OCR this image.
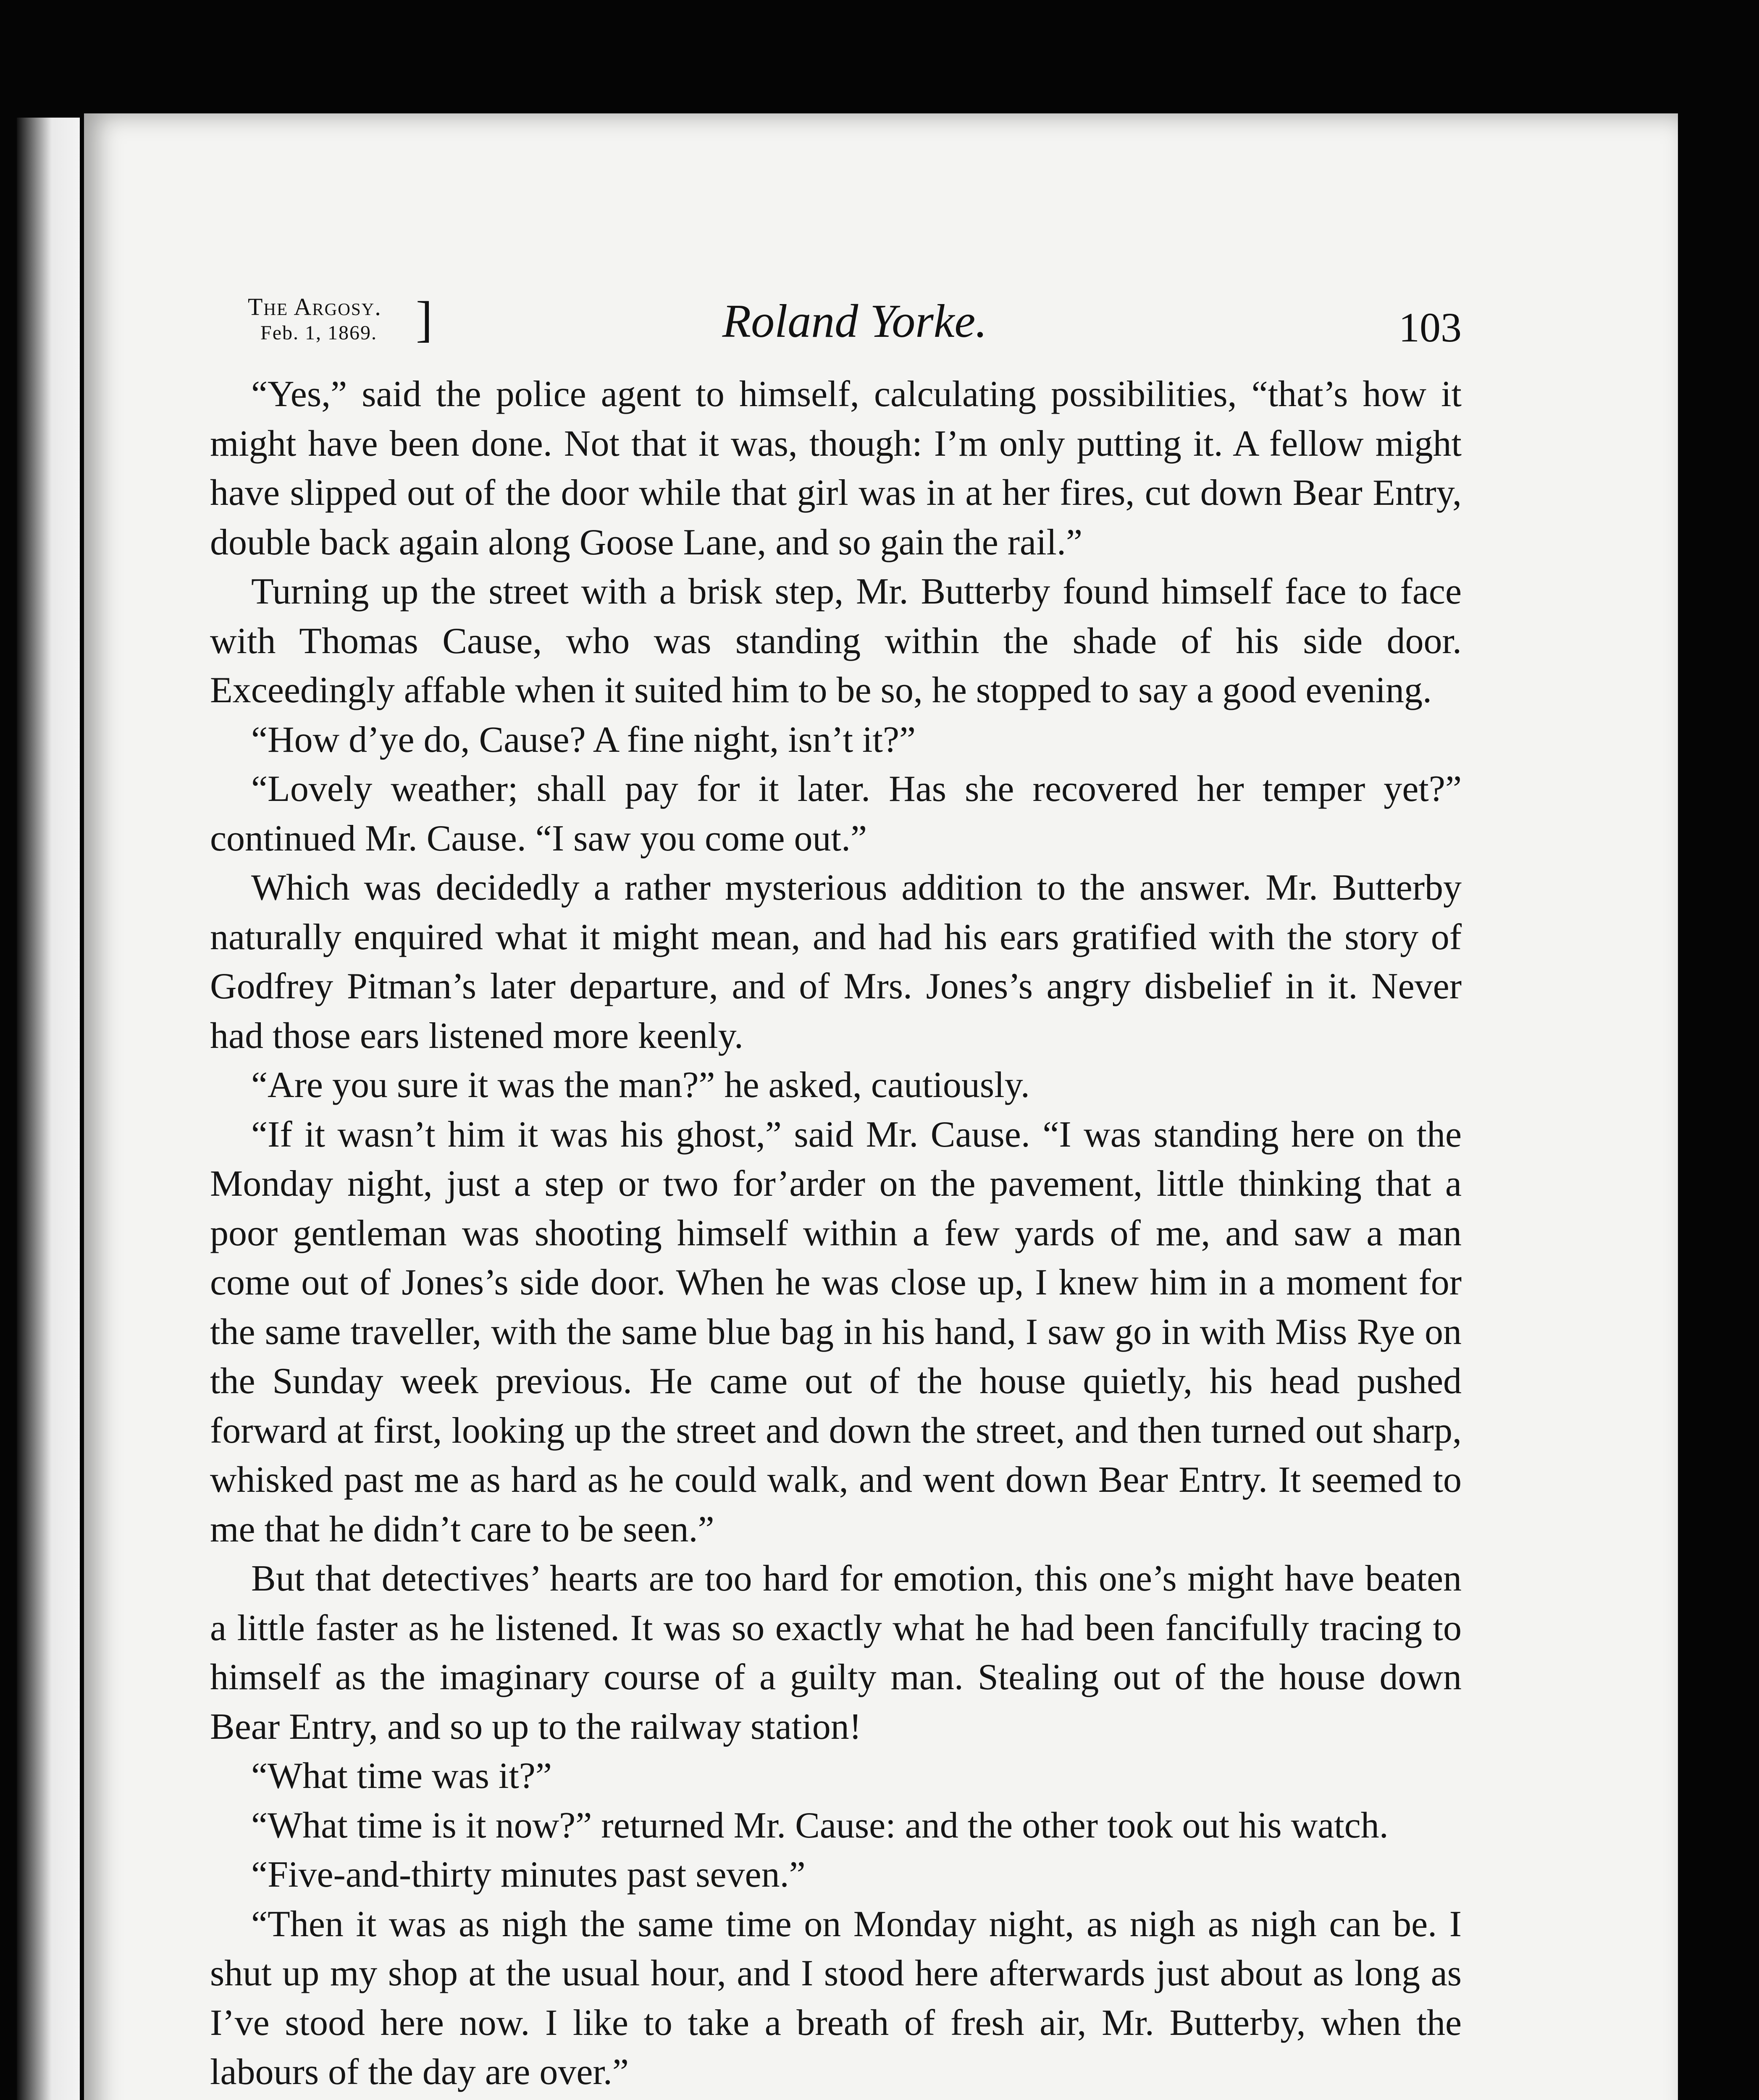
The Argosy.
Feb. 1, 1869. ]	Roland Yorke.	103

“Yes,” said the police agent to himself, calculating possibilities, “that’s how it might have been done. Not that it was, though: I’m only putting it. A fellow might have slipped out of the door while that girl was in at her fires, cut down Bear Entry, double back again along Goose Lane, and so gain the rail.”

Turning up the street with a brisk step, Mr. Butterby found himself face to face with Thomas Cause, who was standing within the shade of his side door. Exceedingly affable when it suited him to be so, he stopped to say a good evening.

“How d’ye do, Cause? A fine night, isn’t it?”

“Lovely weather; shall pay for it later. Has she recovered her temper yet?” continued Mr. Cause. “I saw you come out.”

Which was decidedly a rather mysterious addition to the answer. Mr. Butterby naturally enquired what it might mean, and had his ears gratified with the story of Godfrey Pitman’s later departure, and of Mrs. Jones’s angry disbelief in it. Never had those ears listened more keenly.

“Are you sure it was the man?” he asked, cautiously.

“If it wasn’t him it was his ghost,” said Mr. Cause. “I was standing here on the Monday night, just a step or two for’arder on the pavement, little thinking that a poor gentleman was shooting himself within a few yards of me, and saw a man come out of Jones’s side door. When he was close up, I knew him in a moment for the same traveller, with the same blue bag in his hand, I saw go in with Miss Rye on the Sunday week previous. He came out of the house quietly, his head pushed forward at first, looking up the street and down the street, and then turned out sharp, whisked past me as hard as he could walk, and went down Bear Entry. It seemed to me that he didn’t care to be seen.”

But that detectives’ hearts are too hard for emotion, this one’s might have beaten a little faster as he listened. It was so exactly what he had been fancifully tracing to himself as the imaginary course of a guilty man. Stealing out of the house down Bear Entry, and so up to the railway station!

“What time was it?”

“What time is it now?” returned Mr. Cause: and the other took out his watch.

“Five-and-thirty minutes past seven.”

“Then it was as nigh the same time on Monday night, as nigh as nigh can be. I shut up my shop at the usual hour, and I stood here afterwards just about as long as I’ve stood here now. I like to take a breath of fresh air, Mr. Butterby, when the labours of the day are over.”
